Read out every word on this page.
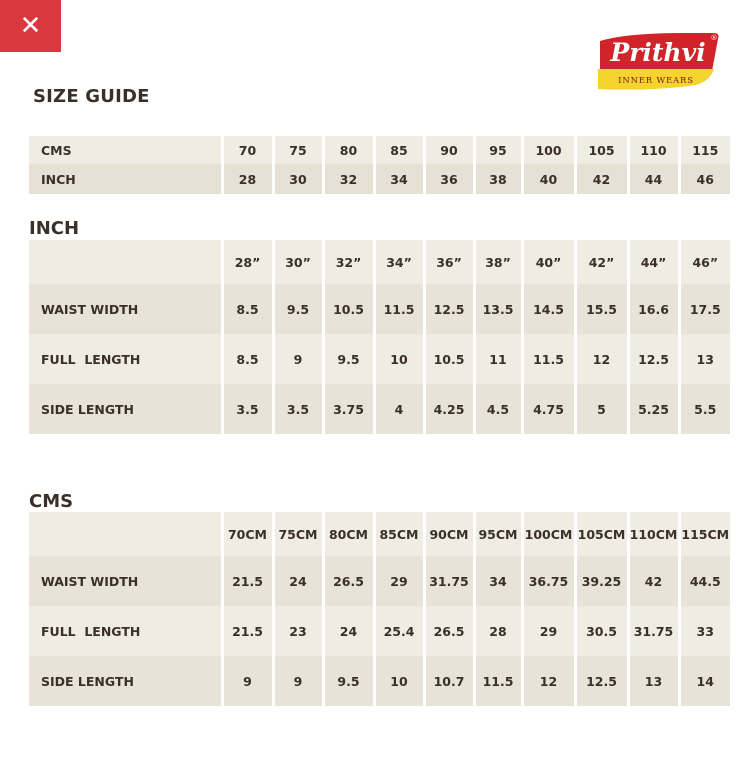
✕
Prithvi
INNER WEARS
®
SIZE GUIDE
CMS	70	75	80	85	90	95	100	105	110	115
INCH	28	30	32	34	36	38	40	42	44	46
INCH
	28”	30”	32”	34”	36”	38”	40”	42”	44”	46”
WAIST WIDTH	8.5	9.5	10.5	11.5	12.5	13.5	14.5	15.5	16.6	17.5
FULL  LENGTH	8.5	9	9.5	10	10.5	11	11.5	12	12.5	13
SIDE LENGTH	3.5	3.5	3.75	4	4.25	4.5	4.75	5	5.25	5.5
CMS
	70CM	75CM	80CM	85CM	90CM	95CM	100CM	105CM	110CM	115CM
WAIST WIDTH	21.5	24	26.5	29	31.75	34	36.75	39.25	42	44.5
FULL  LENGTH	21.5	23	24	25.4	26.5	28	29	30.5	31.75	33
SIDE LENGTH	9	9	9.5	10	10.7	11.5	12	12.5	13	14
